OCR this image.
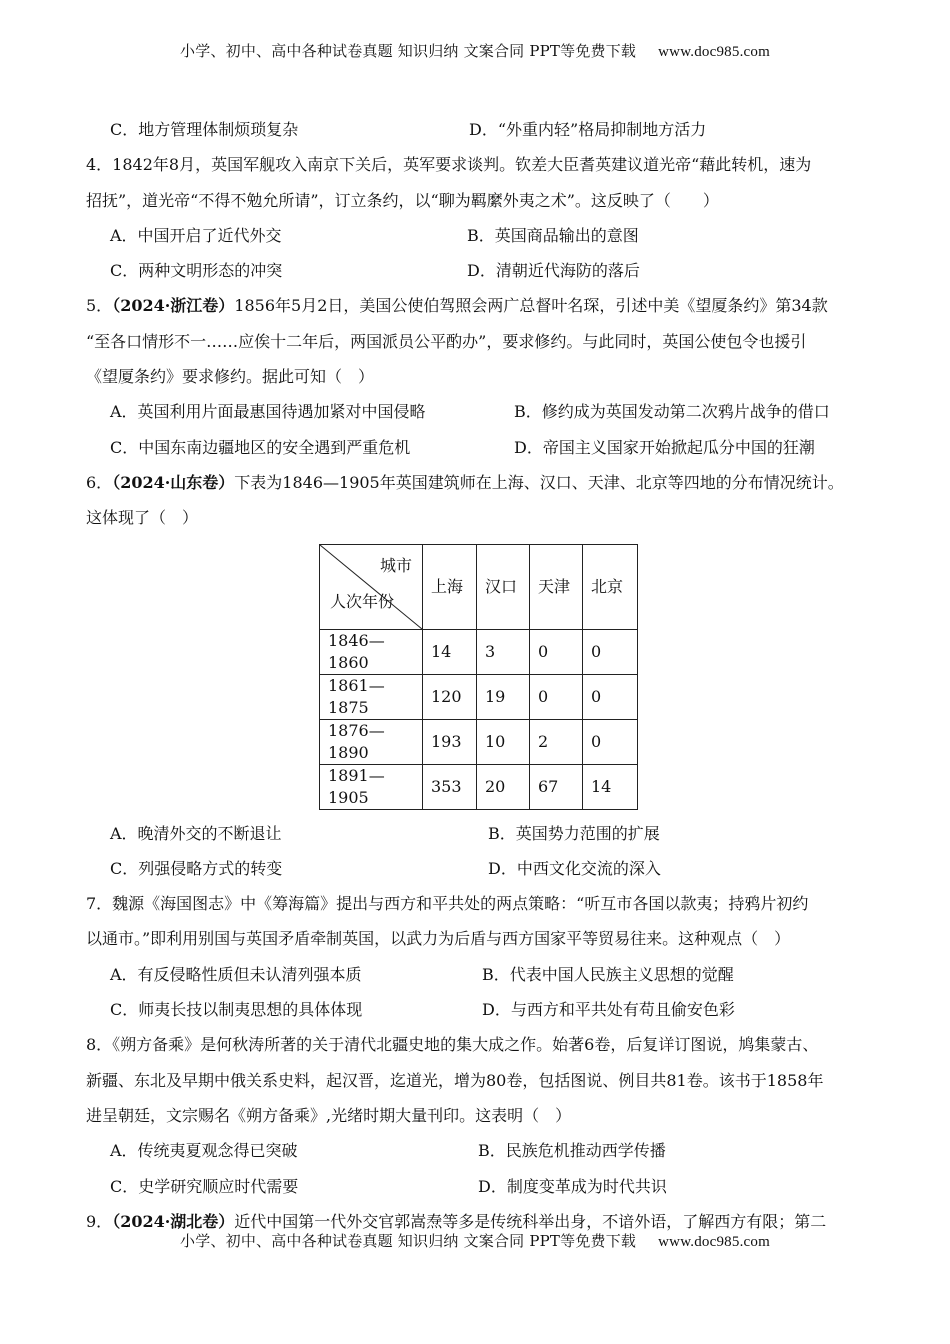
小学、初中、高中各种试卷真题 知识归纳 文案合同 PPT等免费下载 www.doc985.com
C．地方管理体制烦琐复杂	D．“外重内轻”格局抑制地方活力

4．1842年8月，英国军舰攻入南京下关后，英军要求谈判。钦差大臣耆英建议道光帝“藉此转机，速为

招抚”，道光帝“不得不勉允所请”，订立条约，以“聊为羁縻外夷之术”。这反映了（　　）

A．中国开启了近代外交	B．英国商品输出的意图
C．两种文明形态的冲突	D．清朝近代海防的落后

5．（2024·浙江卷）1856年5月2日，美国公使伯驾照会两广总督叶名琛，引述中美《望厦条约》第34款

“至各口情形不一……应俟十二年后，两国派员公平酌办”，要求修约。与此同时，英国公使包令也援引

《望厦条约》要求修约。据此可知（　）

A．英国利用片面最惠国待遇加紧对中国侵略	B．修约成为英国发动第二次鸦片战争的借口
C．中国东南边疆地区的安全遇到严重危机	D．帝国主义国家开始掀起瓜分中国的狂潮

6．（2024·山东卷）下表为1846—1905年英国建筑师在上海、汉口、天津、北京等四地的分布情况统计。

这体现了（　）

城市
人次年份	上海	汉口	天津	北京
1846—1860	14	3	0	0
1861—1875	120	19	0	0
1876—1890	193	10	2	0
1891—1905	353	20	67	14
A．晚清外交的不断退让	B．英国势力范围的扩展
C．列强侵略方式的转变	D．中西文化交流的深入

7．魏源《海国图志》中《筹海篇》提出与西方和平共处的两点策略：“听互市各国以款夷；持鸦片初约

以通市。”即利用别国与英国矛盾牵制英国，以武力为后盾与西方国家平等贸易往来。这种观点（　）

A．有反侵略性质但未认清列强本质	B．代表中国人民族主义思想的觉醒
C．师夷长技以制夷思想的具体体现	D．与西方和平共处有苟且偷安色彩

8．《朔方备乘》是何秋涛所著的关于清代北疆史地的集大成之作。始著6卷，后复详订图说，鸠集蒙古、

新疆、东北及早期中俄关系史料，起汉晋，迄道光，增为80卷，包括图说、例目共81卷。该书于1858年

进呈朝廷，文宗赐名《朔方备乘》,光绪时期大量刊印。这表明（　）

A．传统夷夏观念得已突破	B．民族危机推动西学传播
C．史学研究顺应时代需要	D．制度变革成为时代共识

9．（2024·湖北卷）近代中国第一代外交官郭嵩焘等多是传统科举出身，不谙外语，了解西方有限；第二

小学、初中、高中各种试卷真题 知识归纳 文案合同 PPT等免费下载 www.doc985.com
